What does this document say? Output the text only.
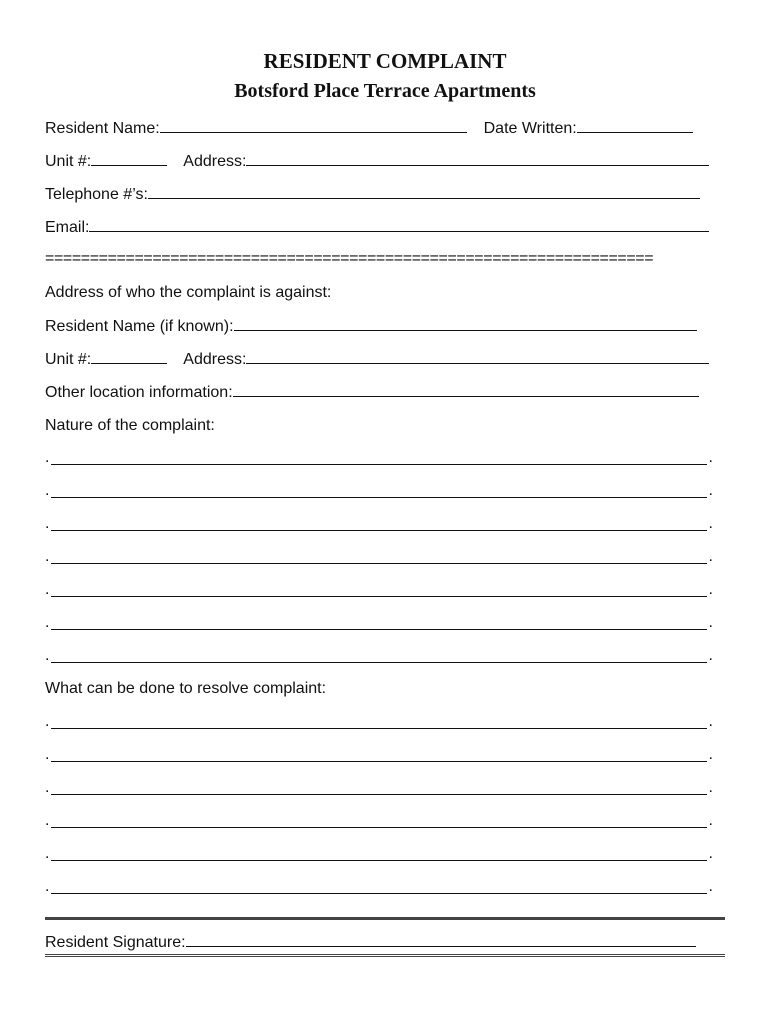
RESIDENT COMPLAINT
Botsford Place Terrace Apartments
Resident Name:	Date Written:
Unit #:	Address:
Telephone #’s:
Email:
====================================================================
Address of who the complaint is against:
Resident Name (if known):
Unit #:	Address:
Other location information:
Nature of the complaint:
.	.
.	.
.	.
.	.
.	.
.	.
.	.
What can be done to resolve complaint:
.	.
.	.
.	.
.	.
.	.
.	.
Resident Signature:
